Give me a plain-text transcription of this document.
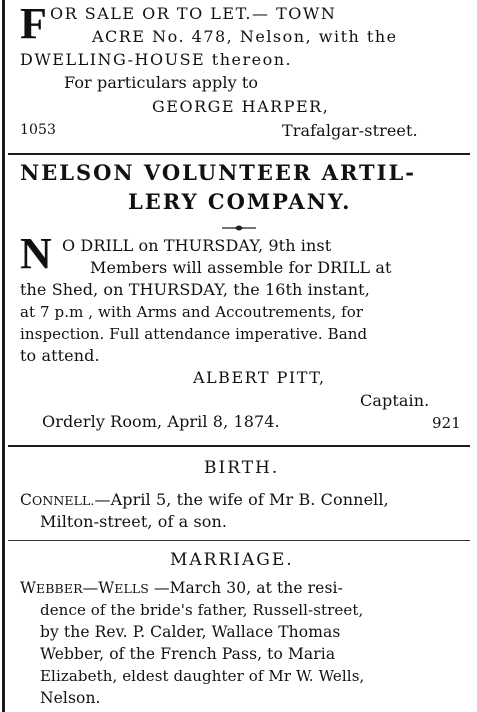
F OR SALE OR TO LET.— TOWN
ACRE No. 478, Nelson, with the
DWELLING-HOUSE thereon.
For particulars apply to
GEORGE HARPER,
1053	Trafalgar-street.
NELSON VOLUNTEER ARTIL-
LERY COMPANY.
N O DRILL on THURSDAY, 9th inst
Members will assemble for DRILL at
the Shed, on THURSDAY, the 16th instant,
at 7 p.m , with Arms and Accoutrements, for
inspection. Full attendance imperative. Band
to attend.
ALBERT PITT,
Captain.
Orderly Room, April 8, 1874.	921
BIRTH.
CONNELL.—April 5, the wife of Mr B. Connell,
Milton-street, of a son.
MARRIAGE.
WEBBER—WELLS —March 30, at the resi-
dence of the bride's father, Russell-street,
by the Rev. P. Calder, Wallace Thomas
Webber, of the French Pass, to Maria
Elizabeth, eldest daughter of Mr W. Wells,
Nelson.
